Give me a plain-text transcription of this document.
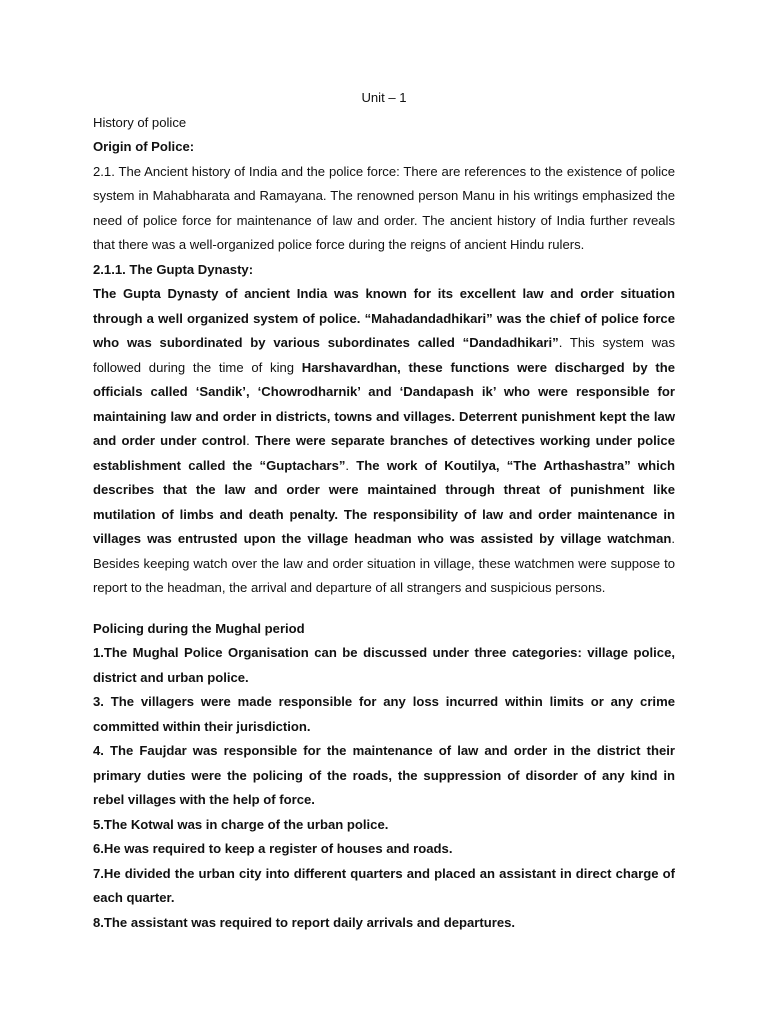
Unit – 1

History of police

Origin of Police:

2.1. The Ancient history of India and the police force: There are references to the existence of police system in Mahabharata and Ramayana. The renowned person Manu in his writings emphasized the need of police force for maintenance of law and order. The ancient history of India further reveals that there was a well-organized police force during the reigns of ancient Hindu rulers.

2.1.1. The Gupta Dynasty:

The Gupta Dynasty of ancient India was known for its excellent law and order situation through a well organized system of police. “Mahadandadhikari” was the chief of police force who was subordinated by various subordinates called “Dandadhikari”. This system was followed during the time of king Harshavardhan, these functions were discharged by the officials called ‘Sandik’, ‘Chowrodharnik’ and ‘Dandapash ik’ who were responsible for maintaining law and order in districts, towns and villages. Deterrent punishment kept the law and order under control. There were separate branches of detectives working under police establishment called the “Guptachars”. The work of Koutilya, “The Arthashastra” which describes that the law and order were maintained through threat of punishment like mutilation of limbs and death penalty. The responsibility of law and order maintenance in villages was entrusted upon the village headman who was assisted by village watchman. Besides keeping watch over the law and order situation in village, these watchmen were suppose to report to the headman, the arrival and departure of all strangers and suspicious persons.

Policing during the Mughal period

1.The Mughal Police Organisation can be discussed under three categories: village police, district and urban police.

3. The villagers were made responsible for any loss incurred within limits or any crime committed within their jurisdiction.

4. The Faujdar was responsible for the maintenance of law and order in the district their primary duties were the policing of the roads, the suppression of disorder of any kind in rebel villages with the help of force.

5.The Kotwal was in charge of the urban police.

6.He was required to keep a register of houses and roads.

7.He divided the urban city into different quarters and placed an assistant in direct charge of each quarter.

8.The assistant was required to report daily arrivals and departures.
